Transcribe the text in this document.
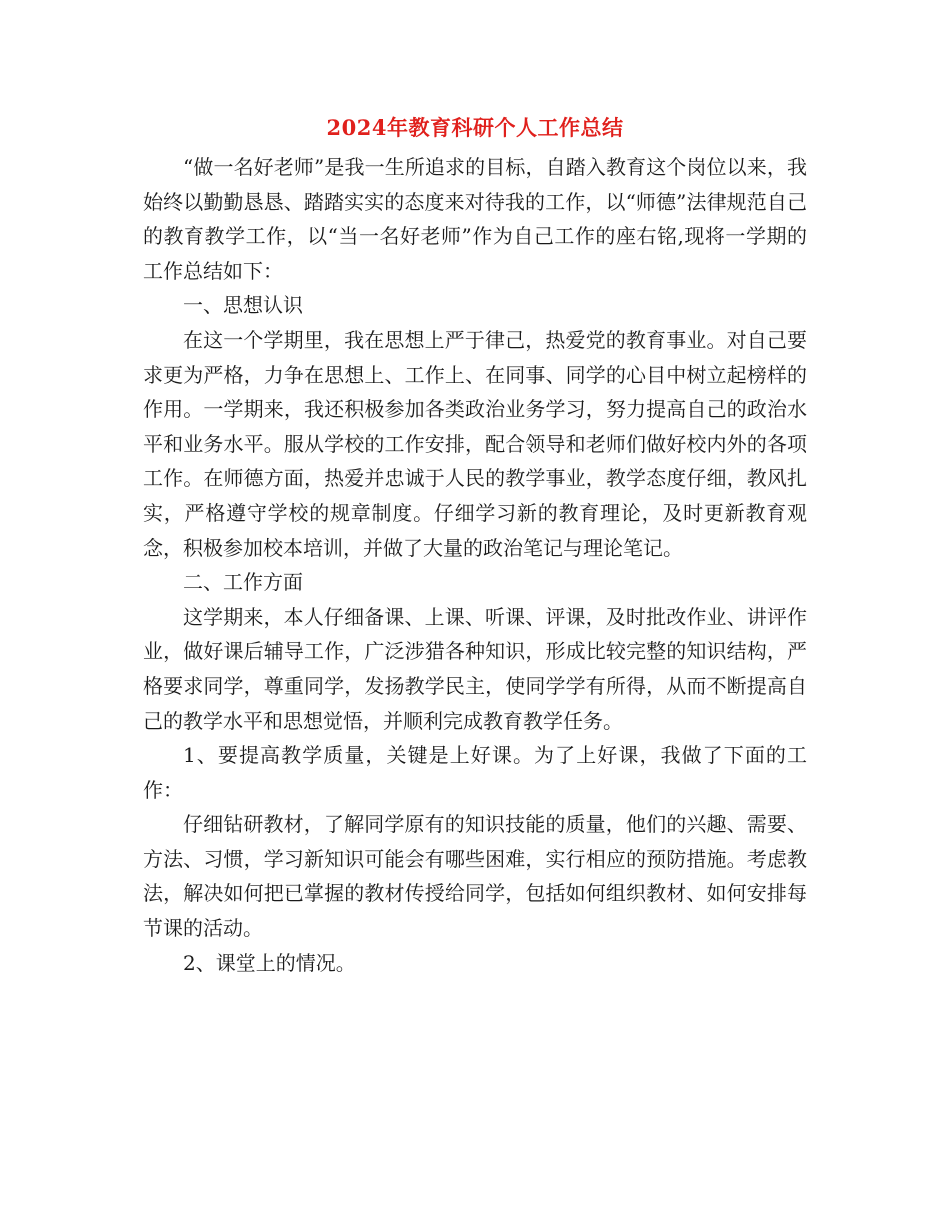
2024年教育科研个人工作总结

“做一名好老师”是我一生所追求的目标，自踏入教育这个岗位以来，我始终以勤勤恳恳、踏踏实实的态度来对待我的工作，以“师德”法律规范自己的教育教学工作，以“当一名好老师”作为自己工作的座右铭,现将一学期的工作总结如下：

一、思想认识

在这一个学期里，我在思想上严于律己，热爱党的教育事业。对自己要求更为严格，力争在思想上、工作上、在同事、同学的心目中树立起榜样的作用。一学期来，我还积极参加各类政治业务学习，努力提高自己的政治水平和业务水平。服从学校的工作安排，配合领导和老师们做好校内外的各项工作。在师德方面，热爱并忠诚于人民的教学事业，教学态度仔细，教风扎实，严格遵守学校的规章制度。仔细学习新的教育理论，及时更新教育观念，积极参加校本培训，并做了大量的政治笔记与理论笔记。

二、工作方面

这学期来，本人仔细备课、上课、听课、评课，及时批改作业、讲评作业，做好课后辅导工作，广泛涉猎各种知识，形成比较完整的知识结构，严格要求同学，尊重同学，发扬教学民主，使同学学有所得，从而不断提高自己的教学水平和思想觉悟，并顺利完成教育教学任务。

1、要提高教学质量，关键是上好课。为了上好课，我做了下面的工作：

仔细钻研教材，了解同学原有的知识技能的质量，他们的兴趣、需要、方法、习惯，学习新知识可能会有哪些困难，实行相应的预防措施。考虑教法，解决如何把已掌握的教材传授给同学，包括如何组织教材、如何安排每节课的活动。

2、课堂上的情况。
